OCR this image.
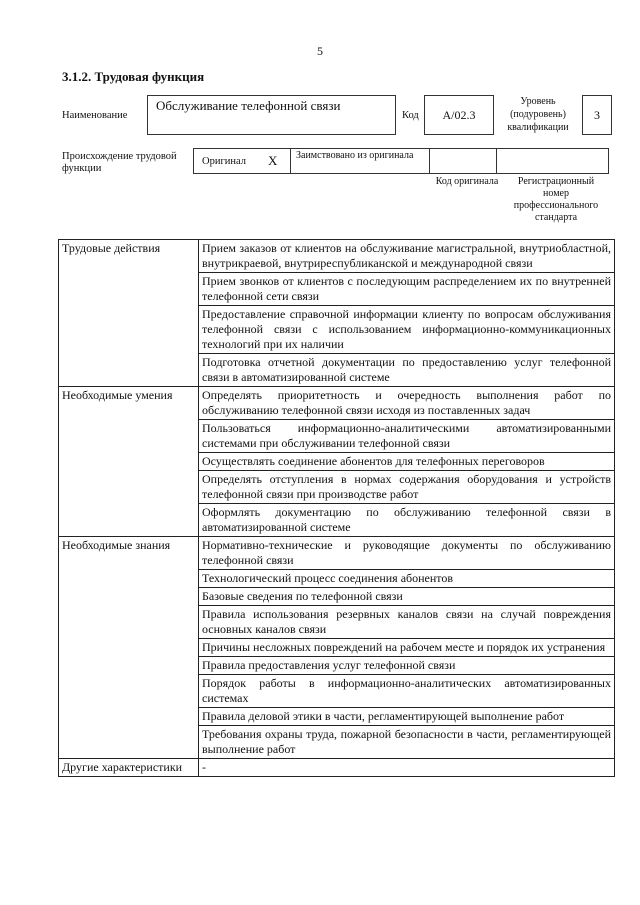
5
3.1.2. Трудовая функция
Наименование
Обслуживание телефонной связи
Код	А/02.3
Уровень (подуровень) квалификации
3
Происхождение трудовой функции
Оригинал Х	Заимствовано из оригинала
Код оригинала	Регистрационный номер профессионального стандарта
Трудовые действия	Прием заказов от клиентов на обслуживание магистральной, внутриобластной, внутрикраевой, внутриреспубликанской и международной связи
	Прием звонков от клиентов с последующим распределением их по внутренней телефонной сети связи
	Предоставление справочной информации клиенту по вопросам обслуживания телефонной связи с использованием информационно-коммуникационных технологий при их наличии
	Подготовка отчетной документации по предоставлению услуг телефонной связи в автоматизированной системе
Необходимые умения	Определять приоритетность и очередность выполнения работ по обслуживанию телефонной связи исходя из поставленных задач
	Пользоваться информационно-аналитическими автоматизированными системами при обслуживании телефонной связи
	Осуществлять соединение абонентов для телефонных переговоров
	Определять отступления в нормах содержания оборудования и устройств телефонной связи при производстве работ
	Оформлять документацию по обслуживанию телефонной связи в автоматизированной системе
Необходимые знания	Нормативно-технические и руководящие документы по обслуживанию телефонной связи
	Технологический процесс соединения абонентов
	Базовые сведения по телефонной связи
	Правила использования резервных каналов связи на случай повреждения основных каналов связи
	Причины несложных повреждений на рабочем месте и порядок их устранения
	Правила предоставления услуг телефонной связи
	Порядок работы в информационно-аналитических автоматизированных системах
	Правила деловой этики в части, регламентирующей выполнение работ
	Требования охраны труда, пожарной безопасности в части, регламентирующей выполнение работ
Другие характеристики	-
